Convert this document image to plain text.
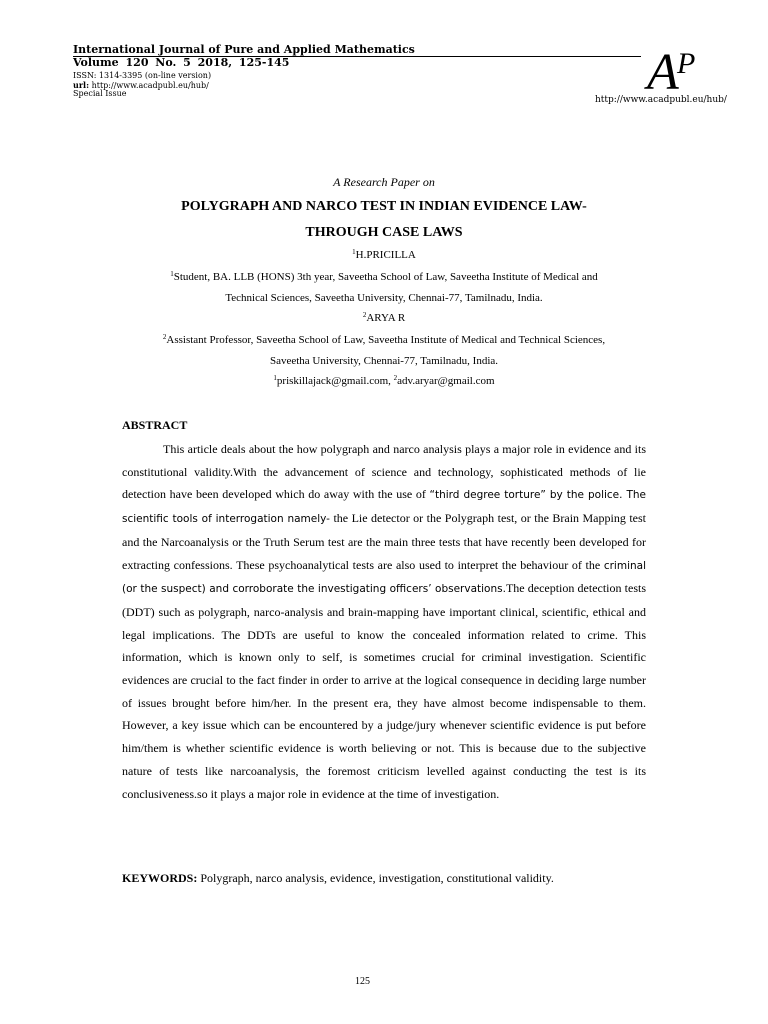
International Journal of Pure and Applied Mathematics
Volume 120 No. 5 2018, 125-145
ISSN: 1314-3395 (on-line version)
url: http://www.acadpubl.eu/hub/
Special Issue	A
P
http://www.acadpubl.eu/hub/
A Research Paper on
POLYGRAPH AND NARCO TEST IN INDIAN EVIDENCE LAW-
THROUGH CASE LAWS
$^1$H.PRICILLA
$^1$Student, BA. LLB (HONS) 3th year, Saveetha School of Law, Saveetha Institute of Medical and
Technical Sciences, Saveetha University, Chennai-77, Tamilnadu, India.
$^2$ARYA R
$^2$Assistant Professor, Saveetha School of Law, Saveetha Institute of Medical and Technical Sciences,
Saveetha University, Chennai-77, Tamilnadu, India.
$^1$priskillajack@gmail.com, $^2$adv.aryar@gmail.com
ABSTRACT

This article deals about the how polygraph and narco analysis plays a major role in evidence and its constitutional validity.With the advancement of science and technology, sophisticated methods of lie detection have been developed which do away with the use of “third degree torture” by the police. The scientific tools of interrogation namely- the Lie detector or the Polygraph test, or the Brain Mapping test and the Narcoanalysis or the Truth Serum test are the main three tests that have recently been developed for extracting confessions. These psychoanalytical tests are also used to interpret the behaviour of the criminal (or the suspect) and corroborate the investigating officers’ observations.The deception detection tests (DDT) such as polygraph, narco-analysis and brain-mapping have important clinical, scientific, ethical and legal implications. The DDTs are useful to know the concealed information related to crime. This information, which is known only to self, is sometimes crucial for criminal investigation. Scientific evidences are crucial to the fact finder in order to arrive at the logical consequence in deciding large number of issues brought before him/her. In the present era, they have almost become indispensable to them. However, a key issue which can be encountered by a judge/jury whenever scientific evidence is put before him/them is whether scientific evidence is worth believing or not. This is because due to the subjective nature of tests like narcoanalysis, the foremost criticism levelled against conducting the test is its conclusiveness.so it plays a major role in evidence at the time of investigation.

KEYWORDS: Polygraph, narco analysis, evidence, investigation, constitutional validity.
125
